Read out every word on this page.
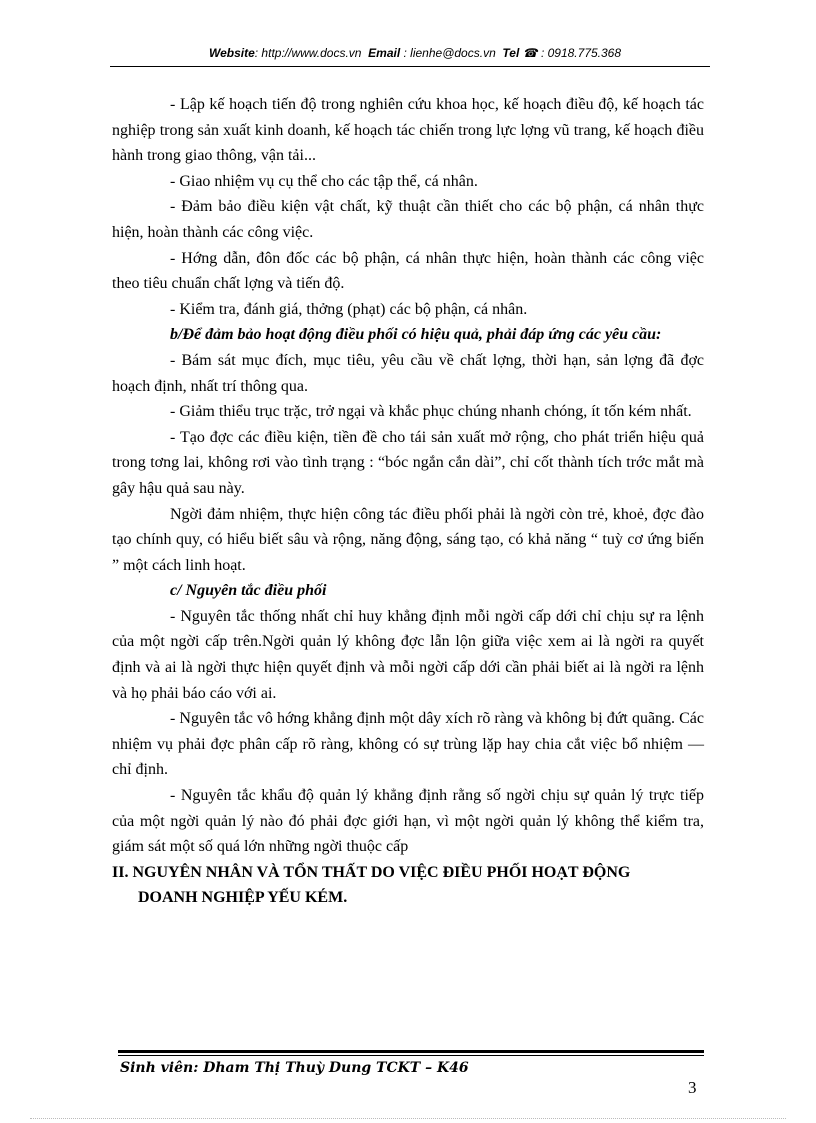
Website: http://www.docs.vn Email : lienhe@docs.vn Tel ☎ : 0918.775.368

- Lập kế hoạch tiến độ trong nghiên cứu khoa học, kế hoạch điều độ, kế hoạch tác nghiệp trong sản xuất kinh doanh, kế hoạch tác chiến trong lực lợng vũ trang, kế hoạch điều hành trong giao thông, vận tải...

- Giao nhiệm vụ cụ thể cho các tập thể, cá nhân.

- Đảm bảo điều kiện vật chất, kỹ thuật cần thiết cho các bộ phận, cá nhân thực hiện, hoàn thành các công việc.

- Hớng dẫn, đôn đốc các bộ phận, cá nhân thực hiện, hoàn thành các công việc theo tiêu chuẩn chất lợng và tiến độ.

- Kiểm tra, đánh giá, thởng (phạt) các bộ phận, cá nhân.

b/Để đảm bảo hoạt động điều phối có hiệu quả, phải đáp ứng các yêu cầu:

- Bám sát mục đích, mục tiêu, yêu cầu về chất lợng, thời hạn, sản lợng đã đợc hoạch định, nhất trí thông qua.

- Giảm thiểu trục trặc, trở ngại và khắc phục chúng nhanh chóng, ít tốn kém nhất.

- Tạo đợc các điều kiện, tiền đề cho tái sản xuất mở rộng, cho phát triển hiệu quả trong tơng lai, không rơi vào tình trạng : “bóc ngắn cắn dài”, chỉ cốt thành tích trớc mắt mà gây hậu quả sau này.

Ngời đảm nhiệm, thực hiện công tác điều phối phải là ngời còn trẻ, khoẻ, đợc đào tạo chính quy, có hiểu biết sâu và rộng, năng động, sáng tạo, có khả năng “ tuỳ cơ ứng biến ” một cách linh hoạt.

c/ Nguyên tắc điều phối

- Nguyên tắc thống nhất chỉ huy khẳng định mỗi ngời cấp dới chỉ chịu sự ra lệnh của một ngời cấp trên.Ngời quản lý không đợc lẫn lộn giữa việc xem ai là ngời ra quyết định và ai là ngời thực hiện quyết định và mỗi ngời cấp dới cần phải biết ai là ngời ra lệnh và họ phải báo cáo với ai.

- Nguyên tắc vô hớng khẳng định một dây xích rõ ràng và không bị đứt quãng. Các nhiệm vụ phải đợc phân cấp rõ ràng, không có sự trùng lặp hay chia cắt việc bổ nhiệm — chỉ định.

- Nguyên tắc khẩu độ quản lý khẳng định rằng số ngời chịu sự quản lý trực tiếp của một ngời quản lý nào đó phải đợc giới hạn, vì một ngời quản lý không thể kiểm tra, giám sát một số quá lớn những ngời thuộc cấp

II. NGUYÊN NHÂN VÀ TỔN THẤT DO VIỆC ĐIỀU PHỐI HOẠT ĐỘNG
DOANH NGHIỆP YẾU KÉM.

Sinh viên: Dham Thị Thuỳ Dung TCKT – K46
3
